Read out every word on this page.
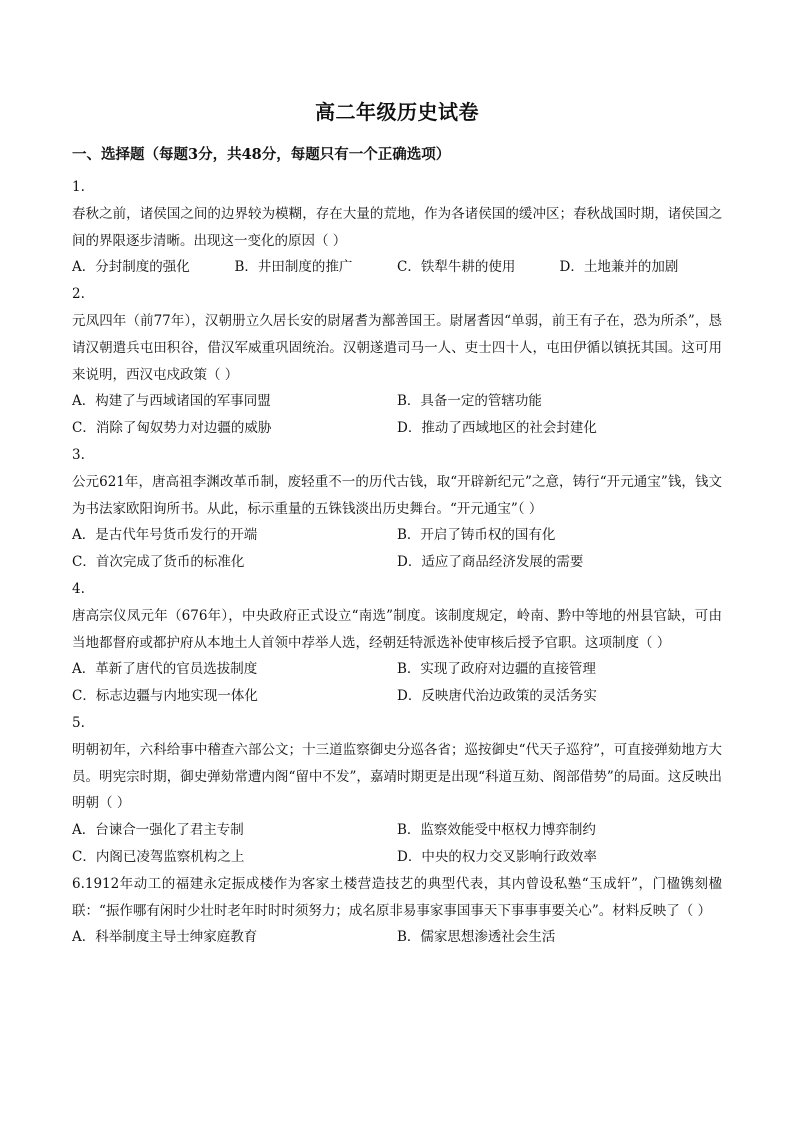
高二年级历史试卷
一、选择题（每题3分，共48分，每题只有一个正确选项）
1.
春秋之前，诸侯国之间的边界较为模糊，存在大量的荒地，作为各诸侯国的缓冲区；春秋战国时期，诸侯国之间的界限逐步清晰。出现这一变化的原因（ ）
A．分封制度的强化	B．井田制度的推广	C．铁犁牛耕的使用	D．土地兼并的加剧
2.
元凤四年（前77年），汉朝册立久居长安的尉屠耆为鄯善国王。尉屠耆因“单弱，前王有子在，恐为所杀”，恳请汉朝遣兵屯田积谷，借汉军威重巩固统治。汉朝遂遣司马一人、吏士四十人，屯田伊循以镇抚其国。这可用来说明，西汉屯戍政策（ ）
A．构建了与西域诸国的军事同盟	B．具备一定的管辖功能
C．消除了匈奴势力对边疆的威胁	D．推动了西域地区的社会封建化
3.
公元621年，唐高祖李渊改革币制，废轻重不一的历代古钱，取“开辟新纪元”之意，铸行“开元通宝”钱，钱文为书法家欧阳询所书。从此，标示重量的五铢钱淡出历史舞台。“开元通宝”（ ）
A．是古代年号货币发行的开端	B．开启了铸币权的国有化
C．首次完成了货币的标准化	D．适应了商品经济发展的需要
4.
唐高宗仪凤元年（676年），中央政府正式设立“南选”制度。该制度规定，岭南、黔中等地的州县官缺，可由当地都督府或都护府从本地土人首领中荐举人选，经朝廷特派选补使审核后授予官职。这项制度（ ）
A．革新了唐代的官员选拔制度	B．实现了政府对边疆的直接管理
C．标志边疆与内地实现一体化	D．反映唐代治边政策的灵活务实
5.
明朝初年，六科给事中稽查六部公文；十三道监察御史分巡各省；巡按御史“代天子巡狩”，可直接弹劾地方大员。明宪宗时期，御史弹劾常遭内阁“留中不发”，嘉靖时期更是出现“科道互劾、阁部借势”的局面。这反映出明朝（ ）
A．台谏合一强化了君主专制	B．监察效能受中枢权力博弈制约
C．内阁已凌驾监察机构之上	D．中央的权力交叉影响行政效率
6.1912年动工的福建永定振成楼作为客家土楼营造技艺的典型代表，其内曾设私塾“玉成轩”，门楹镌刻楹联：“振作哪有闲时少壮时老年时时时须努力；成名原非易事家事国事天下事事事要关心”。材料反映了（ ）
A．科举制度主导士绅家庭教育	B．儒家思想渗透社会生活
